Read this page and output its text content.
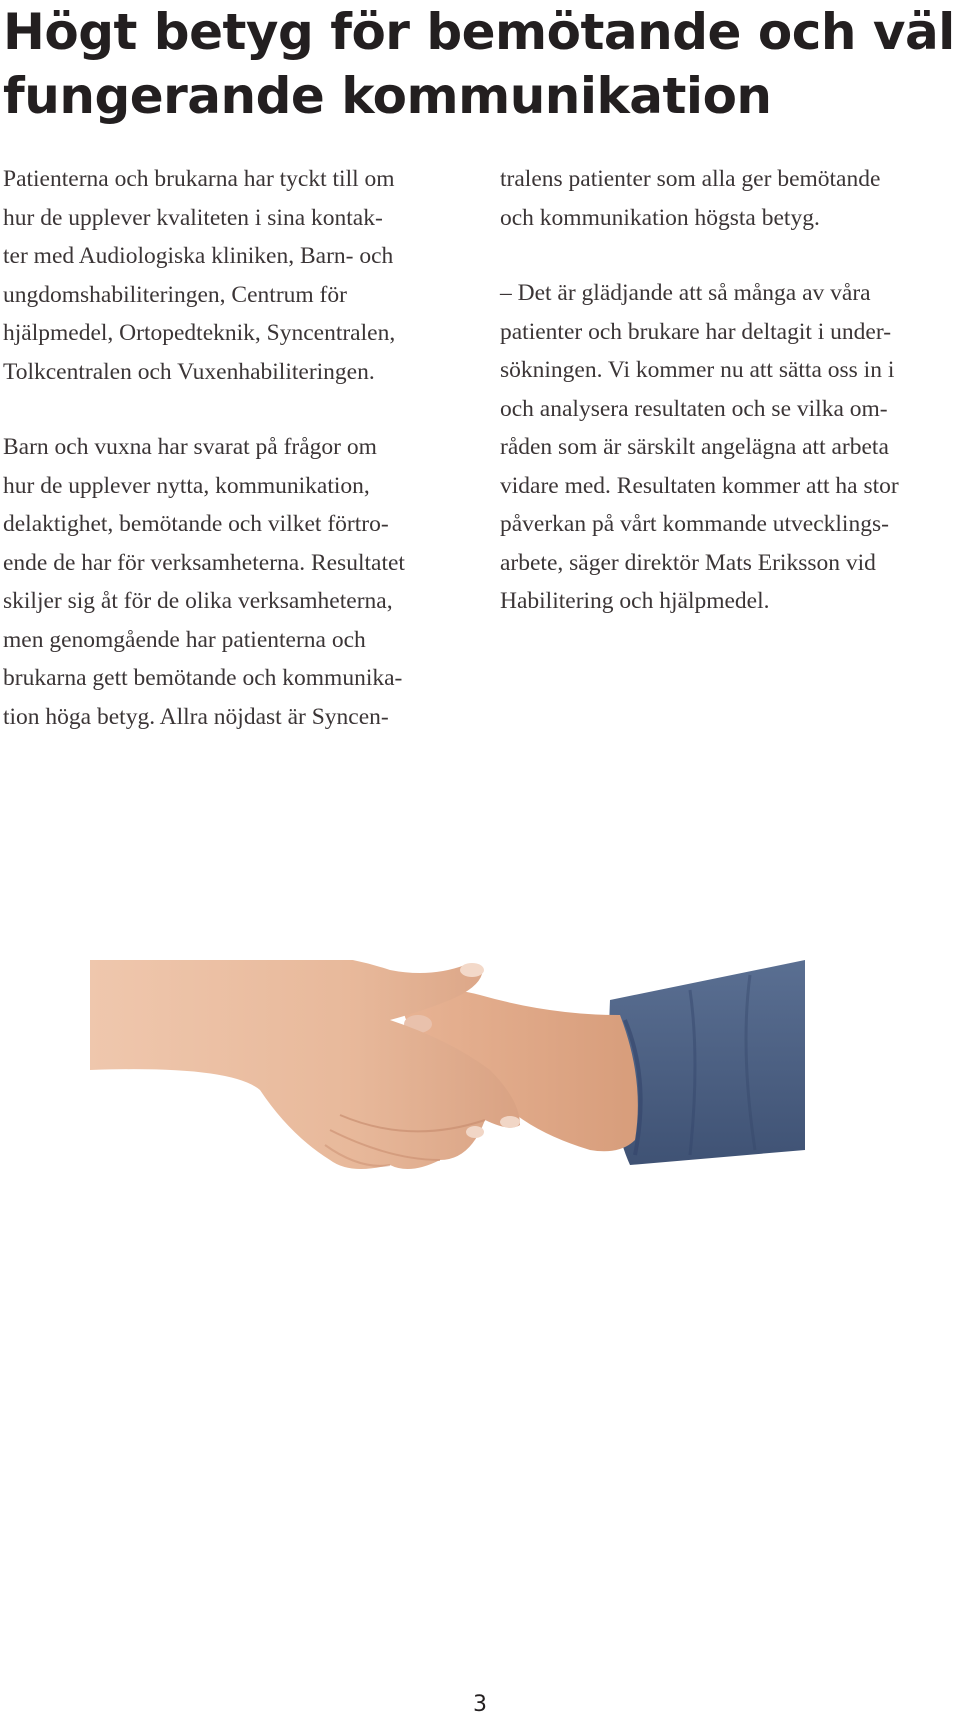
Högt betyg för bemötande och väl
fungerande kommunikation

Patienterna och brukarna har tyckt till om
hur de upplever kvaliteten i sina kontak-
ter med Audiologiska kliniken, Barn- och
ungdomshabiliteringen, Centrum för
hjälpmedel, Ortopedteknik, Syncentralen,
Tolkcentralen och Vuxenhabiliteringen.

Barn och vuxna har svarat på frågor om
hur de upplever nytta, kommunikation,
delaktighet, bemötande och vilket förtro-
ende de har för verksamheterna. Resultatet
skiljer sig åt för de olika verksamheterna,
men genomgående har patienterna och
brukarna gett bemötande och kommunika-
tion höga betyg. Allra nöjdast är Syncen-

tralens patienter som alla ger bemötande
och kommunikation högsta betyg.

– Det är glädjande att så många av våra
patienter och brukare har deltagit i under-
sökningen. Vi kommer nu att sätta oss in i
och analysera resultaten och se vilka om-
råden som är särskilt angelägna att arbeta
vidare med. Resultaten kommer att ha stor
påverkan på vårt kommande utvecklings-
arbete, säger direktör Mats Eriksson vid
Habilitering och hjälpmedel.

3
